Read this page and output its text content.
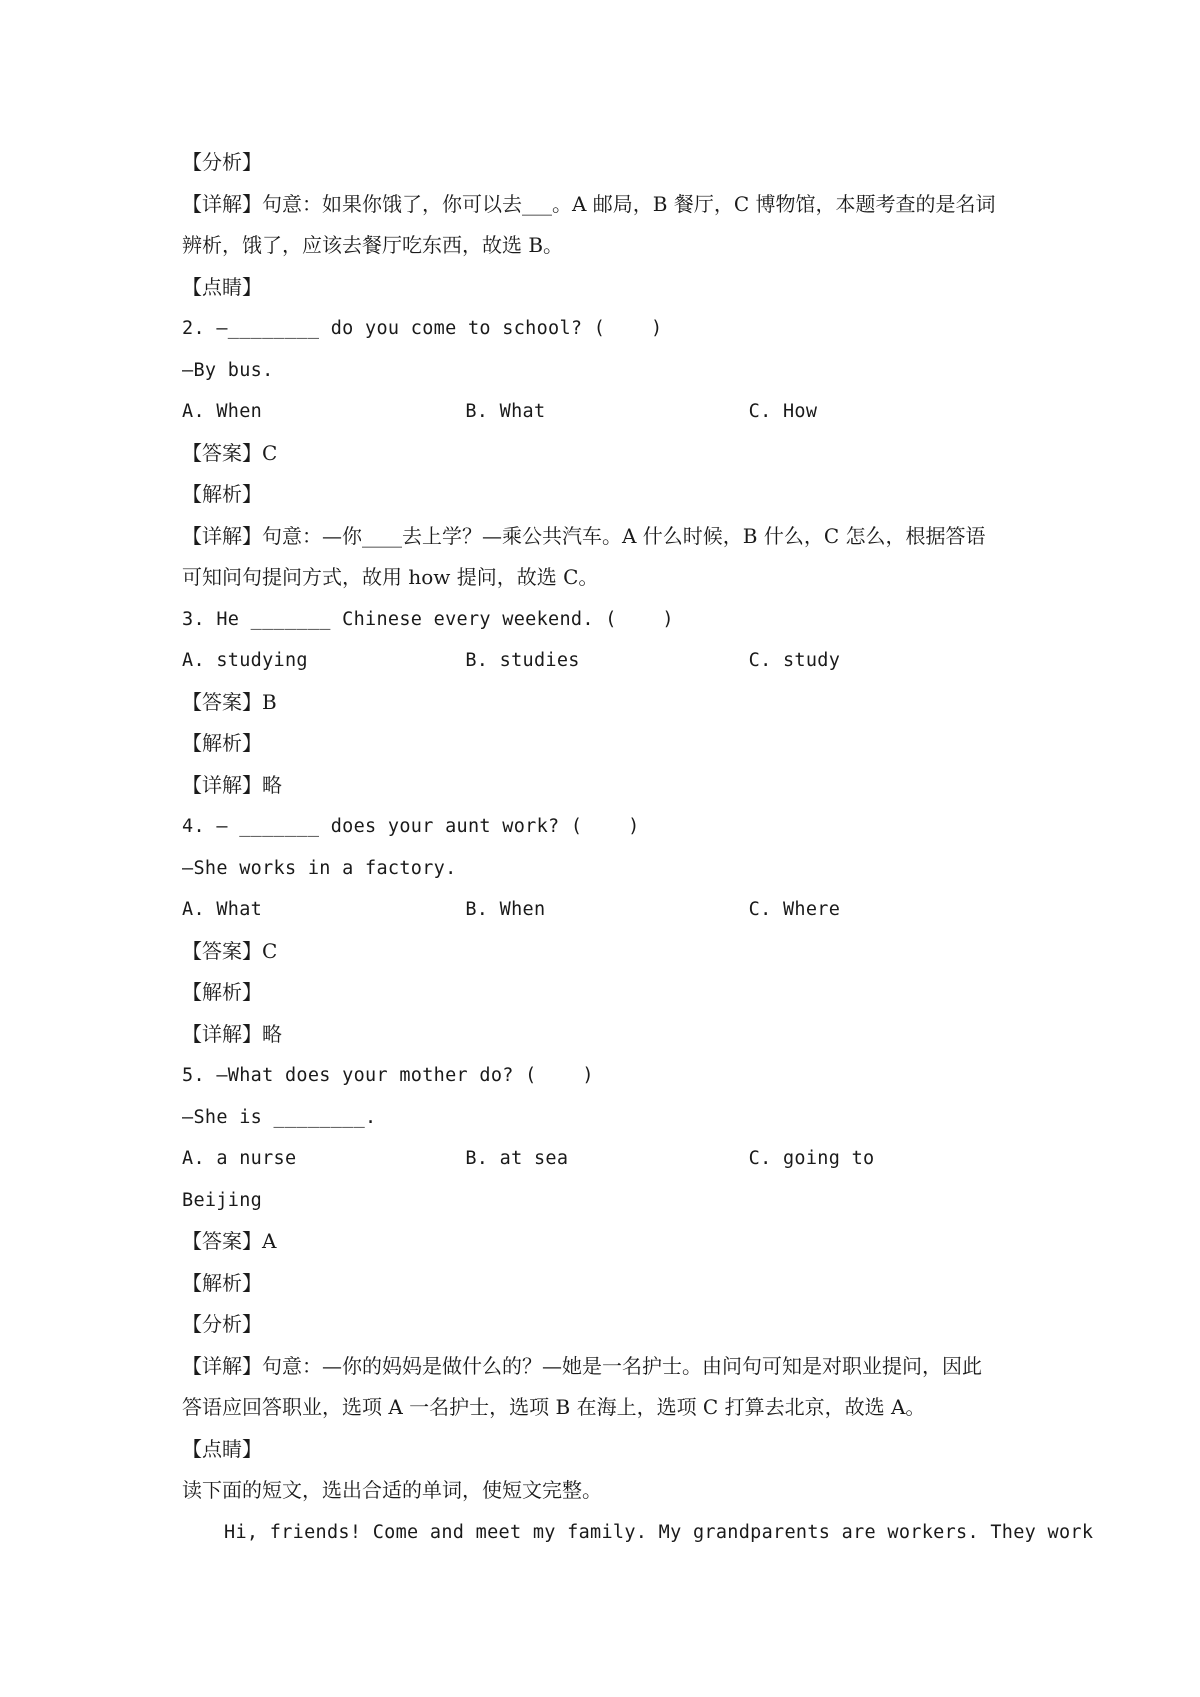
【分析】
【详解】句意：如果你饿了，你可以去___。A 邮局，B 餐厅，C 博物馆，本题考查的是名词
辨析，饿了，应该去餐厅吃东西，故选 B。
【点睛】
2. —________ do you come to school? (    )
—By bus.
A. When	B. What	C. How
【答案】C
【解析】
【详解】句意：—你____去上学？—乘公共汽车。A 什么时候，B 什么，C 怎么，根据答语
可知问句提问方式，故用 how 提问，故选 C。
3. He _______ Chinese every weekend. (    )
A. studying	B. studies	C. study
【答案】B
【解析】
【详解】略
4. — _______ does your aunt work? (    )
—She works in a factory.
A. What	B. When	C. Where
【答案】C
【解析】
【详解】略
5. —What does your mother do? (    )
—She is ________.
A. a nurse	B. at sea	C. going to
Beijing
【答案】A
【解析】
【分析】
【详解】句意：—你的妈妈是做什么的？—她是一名护士。由问句可知是对职业提问，因此
答语应回答职业，选项 A 一名护士，选项 B 在海上，选项 C 打算去北京，故选 A。
【点睛】
读下面的短文，选出合适的单词，使短文完整。
Hi, friends! Come and meet my family. My grandparents are workers. They work
